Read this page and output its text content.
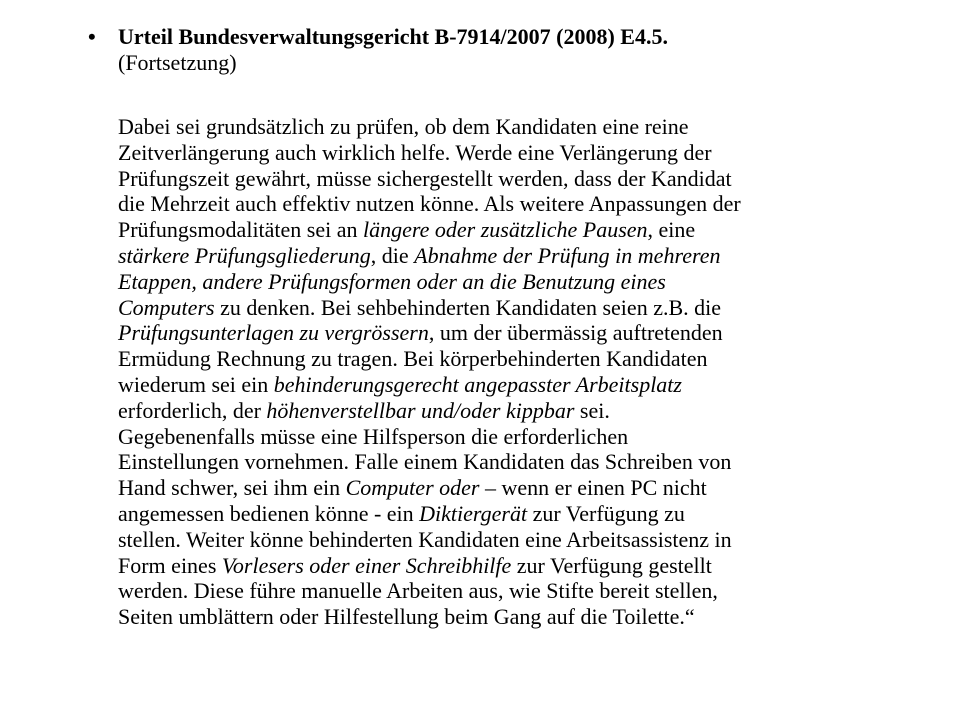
• Urteil Bundesverwaltungsgericht B-7914/2007 (2008) E4.5.
(Fortsetzung)
Dabei sei grundsätzlich zu prüfen, ob dem Kandidaten eine reine
Zeitverlängerung auch wirklich helfe. Werde eine Verlängerung der
Prüfungszeit gewährt, müsse sichergestellt werden, dass der Kandidat
die Mehrzeit auch effektiv nutzen könne. Als weitere Anpassungen der
Prüfungsmodalitäten sei an längere oder zusätzliche Pausen, eine
stärkere Prüfungsgliederung, die Abnahme der Prüfung in mehreren
Etappen, andere Prüfungsformen oder an die Benutzung eines
Computers zu denken. Bei sehbehinderten Kandidaten seien z.B. die
Prüfungsunterlagen zu vergrössern, um der übermässig auftretenden
Ermüdung Rechnung zu tragen. Bei körperbehinderten Kandidaten
wiederum sei ein behinderungsgerecht angepasster Arbeitsplatz
erforderlich, der höhenverstellbar und/oder kippbar sei.
Gegebenenfalls müsse eine Hilfsperson die erforderlichen
Einstellungen vornehmen. Falle einem Kandidaten das Schreiben von
Hand schwer, sei ihm ein Computer oder – wenn er einen PC nicht
angemessen bedienen könne - ein Diktiergerät zur Verfügung zu
stellen. Weiter könne behinderten Kandidaten eine Arbeitsassistenz in
Form eines Vorlesers oder einer Schreibhilfe zur Verfügung gestellt
werden. Diese führe manuelle Arbeiten aus, wie Stifte bereit stellen,
Seiten umblättern oder Hilfestellung beim Gang auf die Toilette.“
